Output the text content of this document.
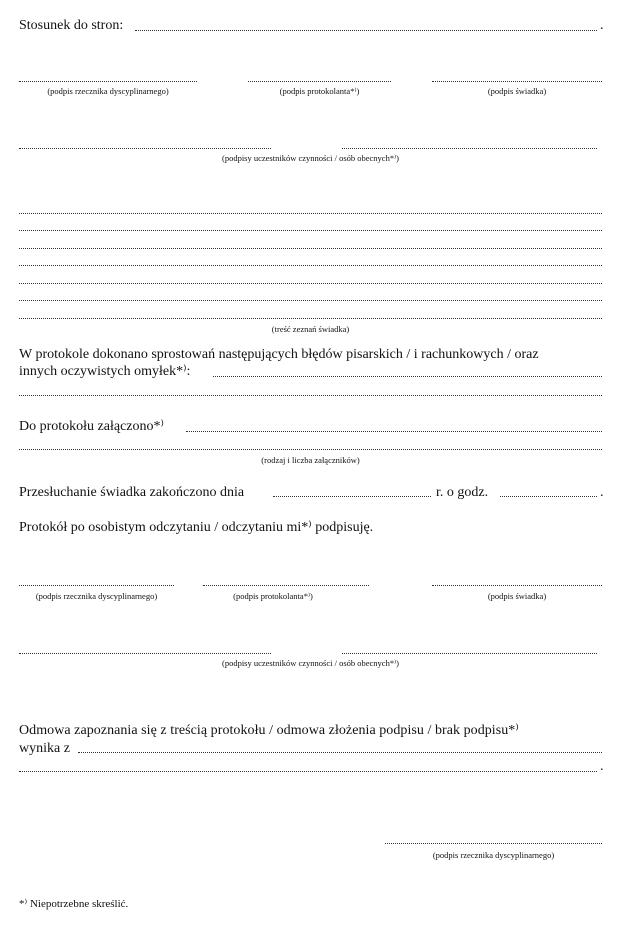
Stosunek do stron:	.
(podpis rzecznika dyscyplinarnego)	(podpis protokolanta*⁾)	(podpis świadka)
(podpisy uczestników czynności / osób obecnych*⁾)
(treść zeznań świadka)
W protokole dokonano sprostowań następujących błędów pisarskich / i rachunkowych / oraz
innych oczywistych omyłek*⁾:
Do protokołu załączono*⁾
(rodzaj i liczba załączników)
Przesłuchanie świadka zakończono dnia	r. o godz.	.
Protokół po osobistym odczytaniu / odczytaniu mi*⁾ podpisuję.
(podpis rzecznika dyscyplinarnego)	(podpis protokolanta*⁾)	(podpis świadka)
(podpisy uczestników czynności / osób obecnych*⁾)
Odmowa zapoznania się z treścią protokołu / odmowa złożenia podpisu / brak podpisu*⁾
wynika z
.
(podpis rzecznika dyscyplinarnego)
*⁾ Niepotrzebne skreślić.
